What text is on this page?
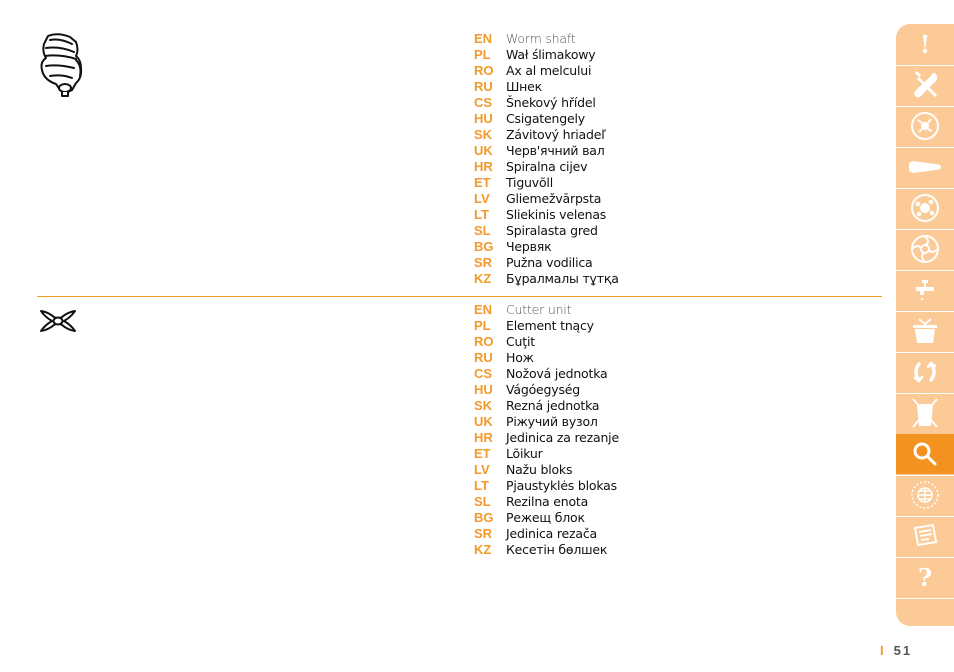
EN	Worm shaft
PL	Wał ślimakowy
RO	Ax al melcului
RU	Шнек
CS	Šnekový hřídel
HU	Csigatengely
SK	Závitový hriadeľ
UK	Черв'ячний вал
HR	Spiralna cijev
ET	Tiguvõll
LV	Gliemežvārpsta
LT	Sliekinis velenas
SL	Spiralasta gred
BG	Червяк
SR	Pužna vodilica
KZ	Бұралмалы тұтқа
EN	Cutter unit
PL	Element tnący
RO	Cuţit
RU	Нож
CS	Nožová jednotka
HU	Vágóegység
SK	Rezná jednotka
UK	Ріжучий вузол
HR	Jedinica za rezanje
ET	Lõikur
LV	Nažu bloks
LT	Pjaustyklės blokas
SL	Rezilna enota
BG	Режещ блок
SR	Jedinica rezača
KZ	Кесетін бөлшек
!
?
I 51
